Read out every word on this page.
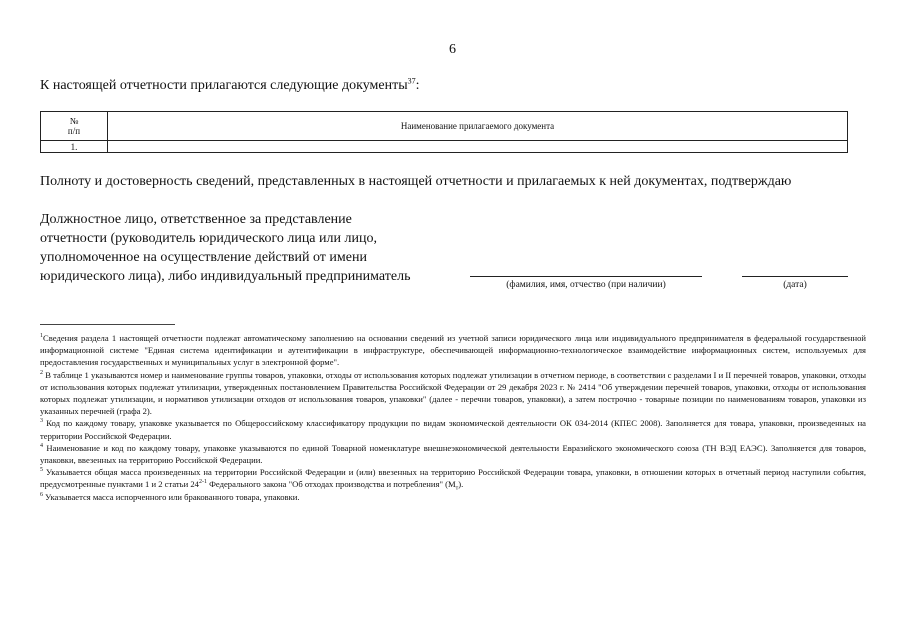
6
К настоящей отчетности прилагаются следующие документы$^{37}$:
№
п/п	Наименование прилагаемого документа
1.	
Полноту и достоверность сведений, представленных в настоящей отчетности и прилагаемых к ней документах, подтверждаю
Должностное лицо, ответственное за представление
отчетности (руководитель юридического лица или лицо,
уполномоченное на осуществление действий от имени
юридического лица), либо индивидуальный предприниматель
(фамилия, имя, отчество (при наличии)	(дата)

$^1$Сведения раздела 1 настоящей отчетности подлежат автоматическому заполнению на основании сведений из учетной записи юридического лица или индивидуального предпринимателя в федеральной государственной информационной системе "Единая система идентификации и аутентификации в инфраструктуре, обеспечивающей информационно-технологическое взаимодействие информационных систем, используемых для предоставления государственных и муниципальных услуг в электронной форме".

$^2$ В таблице 1 указываются номер и наименование группы товаров, упаковки, отходы от использования которых подлежат утилизации в отчетном периоде, в соответствии с разделами I и II перечней товаров, упаковки, отходы от использования которых подлежат утилизации, утвержденных постановлением Правительства Российской Федерации от 29 декабря 2023 г. № 2414 "Об утверждении перечней товаров, упаковки, отходы от использования которых подлежат утилизации, и нормативов утилизации отходов от использования товаров, упаковки" (далее - перечни товаров, упаковки), а затем построчно - товарные позиции по наименованиям товаров, упаковки из указанных перечней (графа 2).

$^3$ Код по каждому товару, упаковке указывается по Общероссийскому классификатору продукции по видам экономической деятельности ОК 034-2014 (КПЕС 2008). Заполняется для товара, упаковки, произведенных на территории Российской Федерации.

$^4$ Наименование и код по каждому товару, упаковке указываются по единой Товарной номенклатуре внешнеэкономической деятельности Евразийского экономического союза (ТН ВЭД ЕАЭС). Заполняется для товаров, упаковки, ввезенных на территорию Российской Федерации.

$^5$ Указывается общая масса произведенных на территории Российской Федерации и (или) ввезенных на территорию Российской Федерации товара, упаковки, в отношении которых в отчетный период наступили события, предусмотренные пунктами 1 и 2 статьи 24$^{2-1}$ Федерального закона "Об отходах производства и потребления" $(М_т)$.

$^6$ Указывается масса испорченного или бракованного товара, упаковки.
